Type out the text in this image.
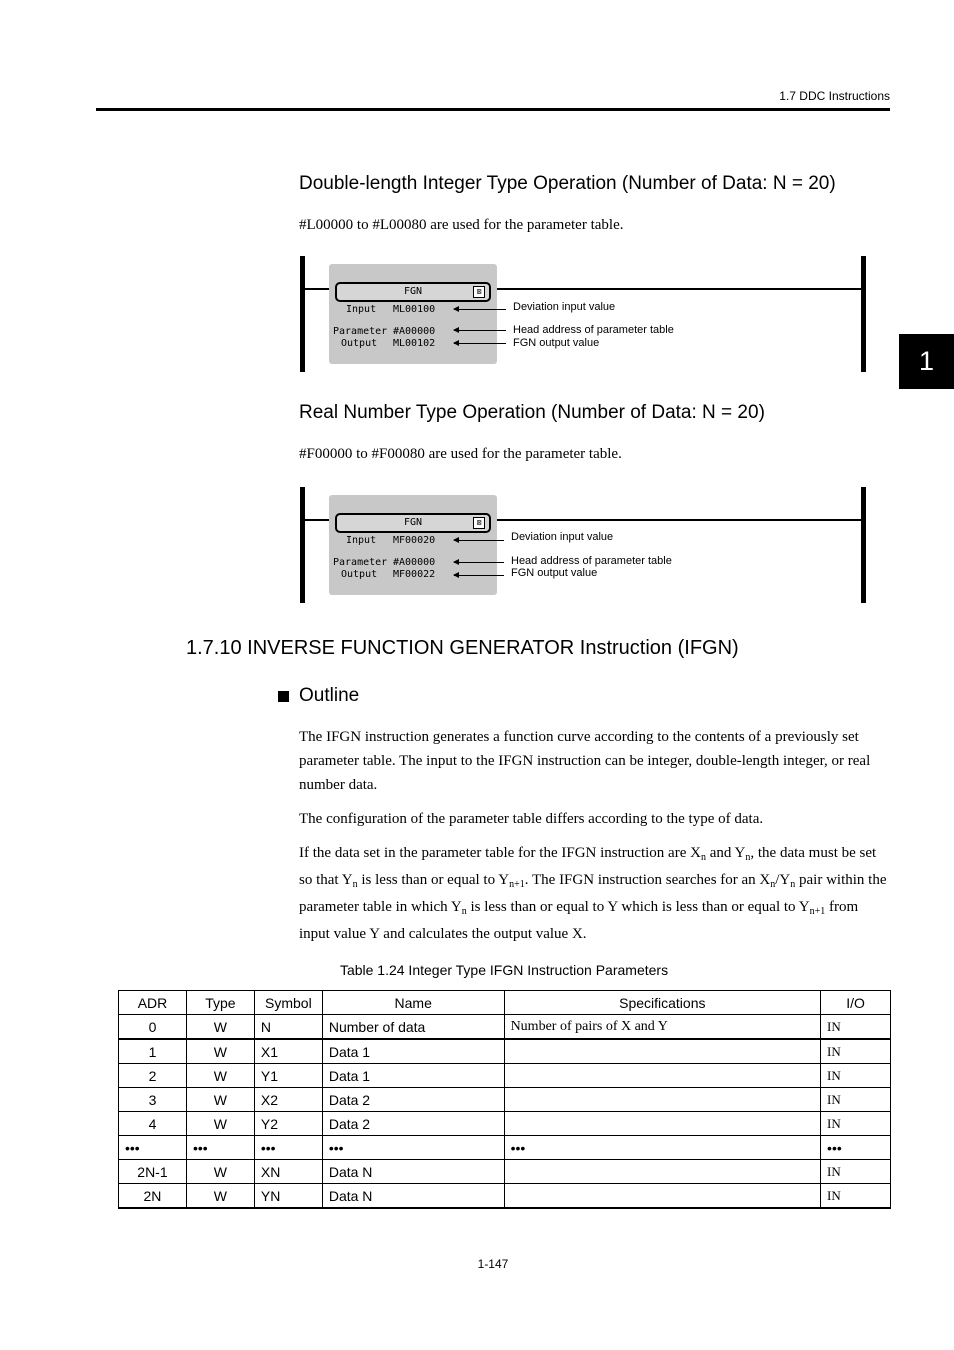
1.7 DDC Instructions
1
Double-length Integer Type Operation (Number of Data: N = 20)
#L00000 to #L00080 are used for the parameter table.
FGN	⊠
Input ML00100
Parameter #A00000
Output ML00102
Deviation input value
Head address of parameter table
FGN output value
Real Number Type Operation (Number of Data: N = 20)
#F00000 to #F00080 are used for the parameter table.
FGN	⊠
Input MF00020
Parameter #A00000
Output MF00022
Deviation input value
Head address of parameter table
FGN output value
1.7.10 INVERSE FUNCTION GENERATOR Instruction (IFGN)
Outline
The IFGN instruction generates a function curve according to the contents of a previously set parameter table. The input to the IFGN instruction can be integer, double-length integer, or real number data.
The configuration of the parameter table differs according to the type of data.
If the data set in the parameter table for the IFGN instruction are $X_n$ and $Y_n$, the data must be set so that $Y_n$ is less than or equal to $Y_{n+1}$. The IFGN instruction searches for an $X_n/Y_n$ pair within the parameter table in which $Y_n$ is less than or equal to Y which is less than or equal to $Y_{n+1}$ from input value Y and calculates the output value X.
Table 1.24 Integer Type IFGN Instruction Parameters
ADR	Type	Symbol	Name	Specifications	I/O
0	W	N	Number of data	Number of pairs of X and Y	IN
1	W	X1	Data 1		IN
2	W	Y1	Data 1		IN
3	W	X2	Data 2		IN
4	W	Y2	Data 2		IN
•••	•••	•••	•••	•••	•••
2N-1	W	XN	Data N		IN
2N	W	YN	Data N		IN
1-147
